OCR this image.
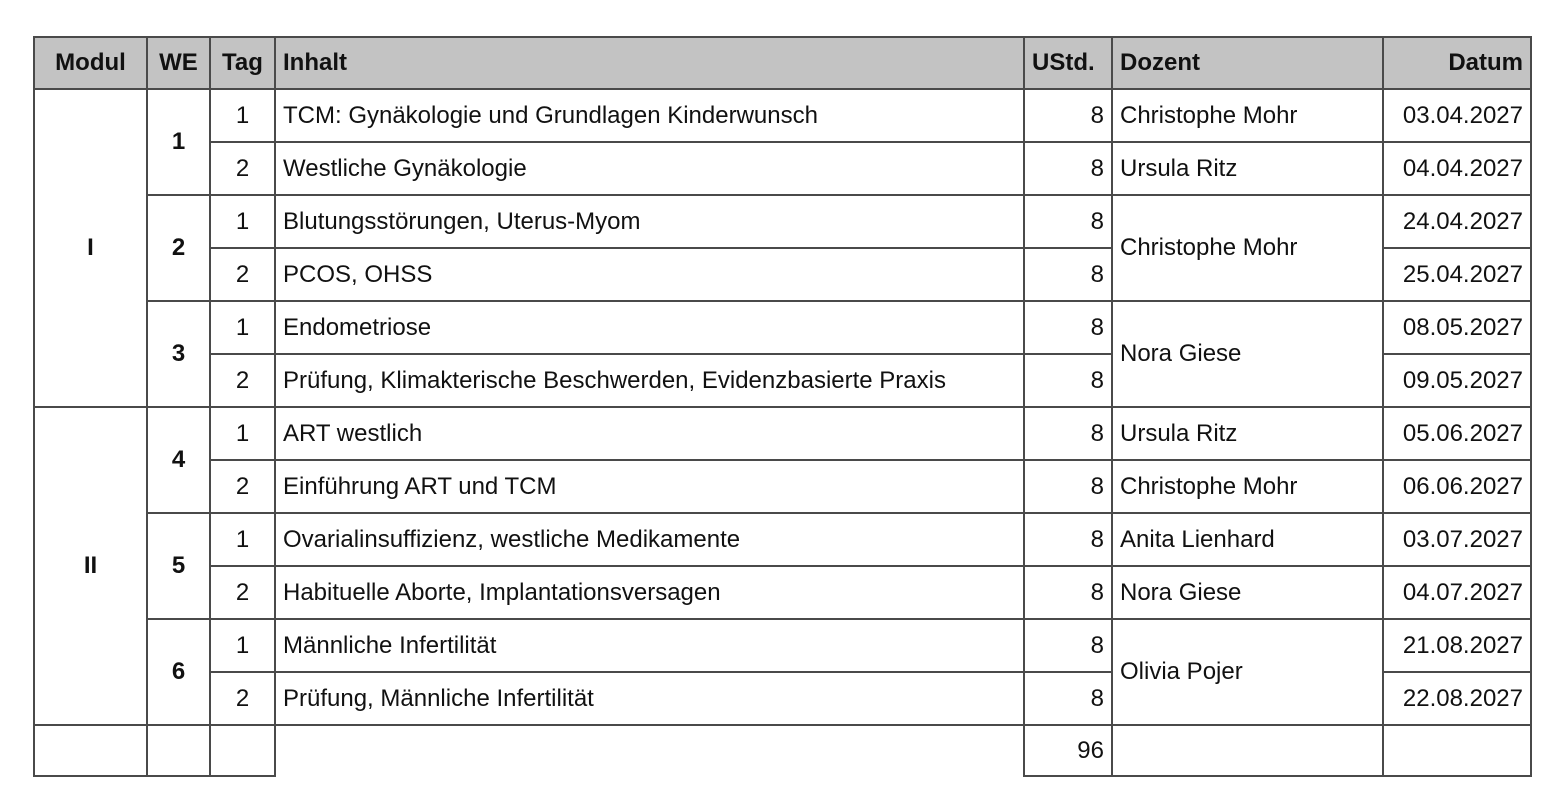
Modul	WE	Tag	Inhalt	UStd.	Dozent	Datum
I	1	1	TCM: Gynäkologie und Grundlagen Kinderwunsch	8	Christophe Mohr	03.04.2027
		2	Westliche Gynäkologie	8	Ursula Ritz	04.04.2027
	2	1	Blutungsstörungen, Uterus-Myom	8	Christophe Mohr	24.04.2027
		2	PCOS, OHSS	8		25.04.2027
	3	1	Endometriose	8	Nora Giese	08.05.2027
		2	Prüfung, Klimakterische Beschwerden, Evidenzbasierte Praxis	8		09.05.2027
II	4	1	ART westlich	8	Ursula Ritz	05.06.2027
		2	Einführung ART und TCM	8	Christophe Mohr	06.06.2027
	5	1	Ovarialinsuffizienz, westliche Medikamente	8	Anita Lienhard	03.07.2027
		2	Habituelle Aborte, Implantationsversagen	8	Nora Giese	04.07.2027
	6	1	Männliche Infertilität	8	Olivia Pojer	21.08.2027
		2	Prüfung, Männliche Infertilität	8		22.08.2027
				96		
